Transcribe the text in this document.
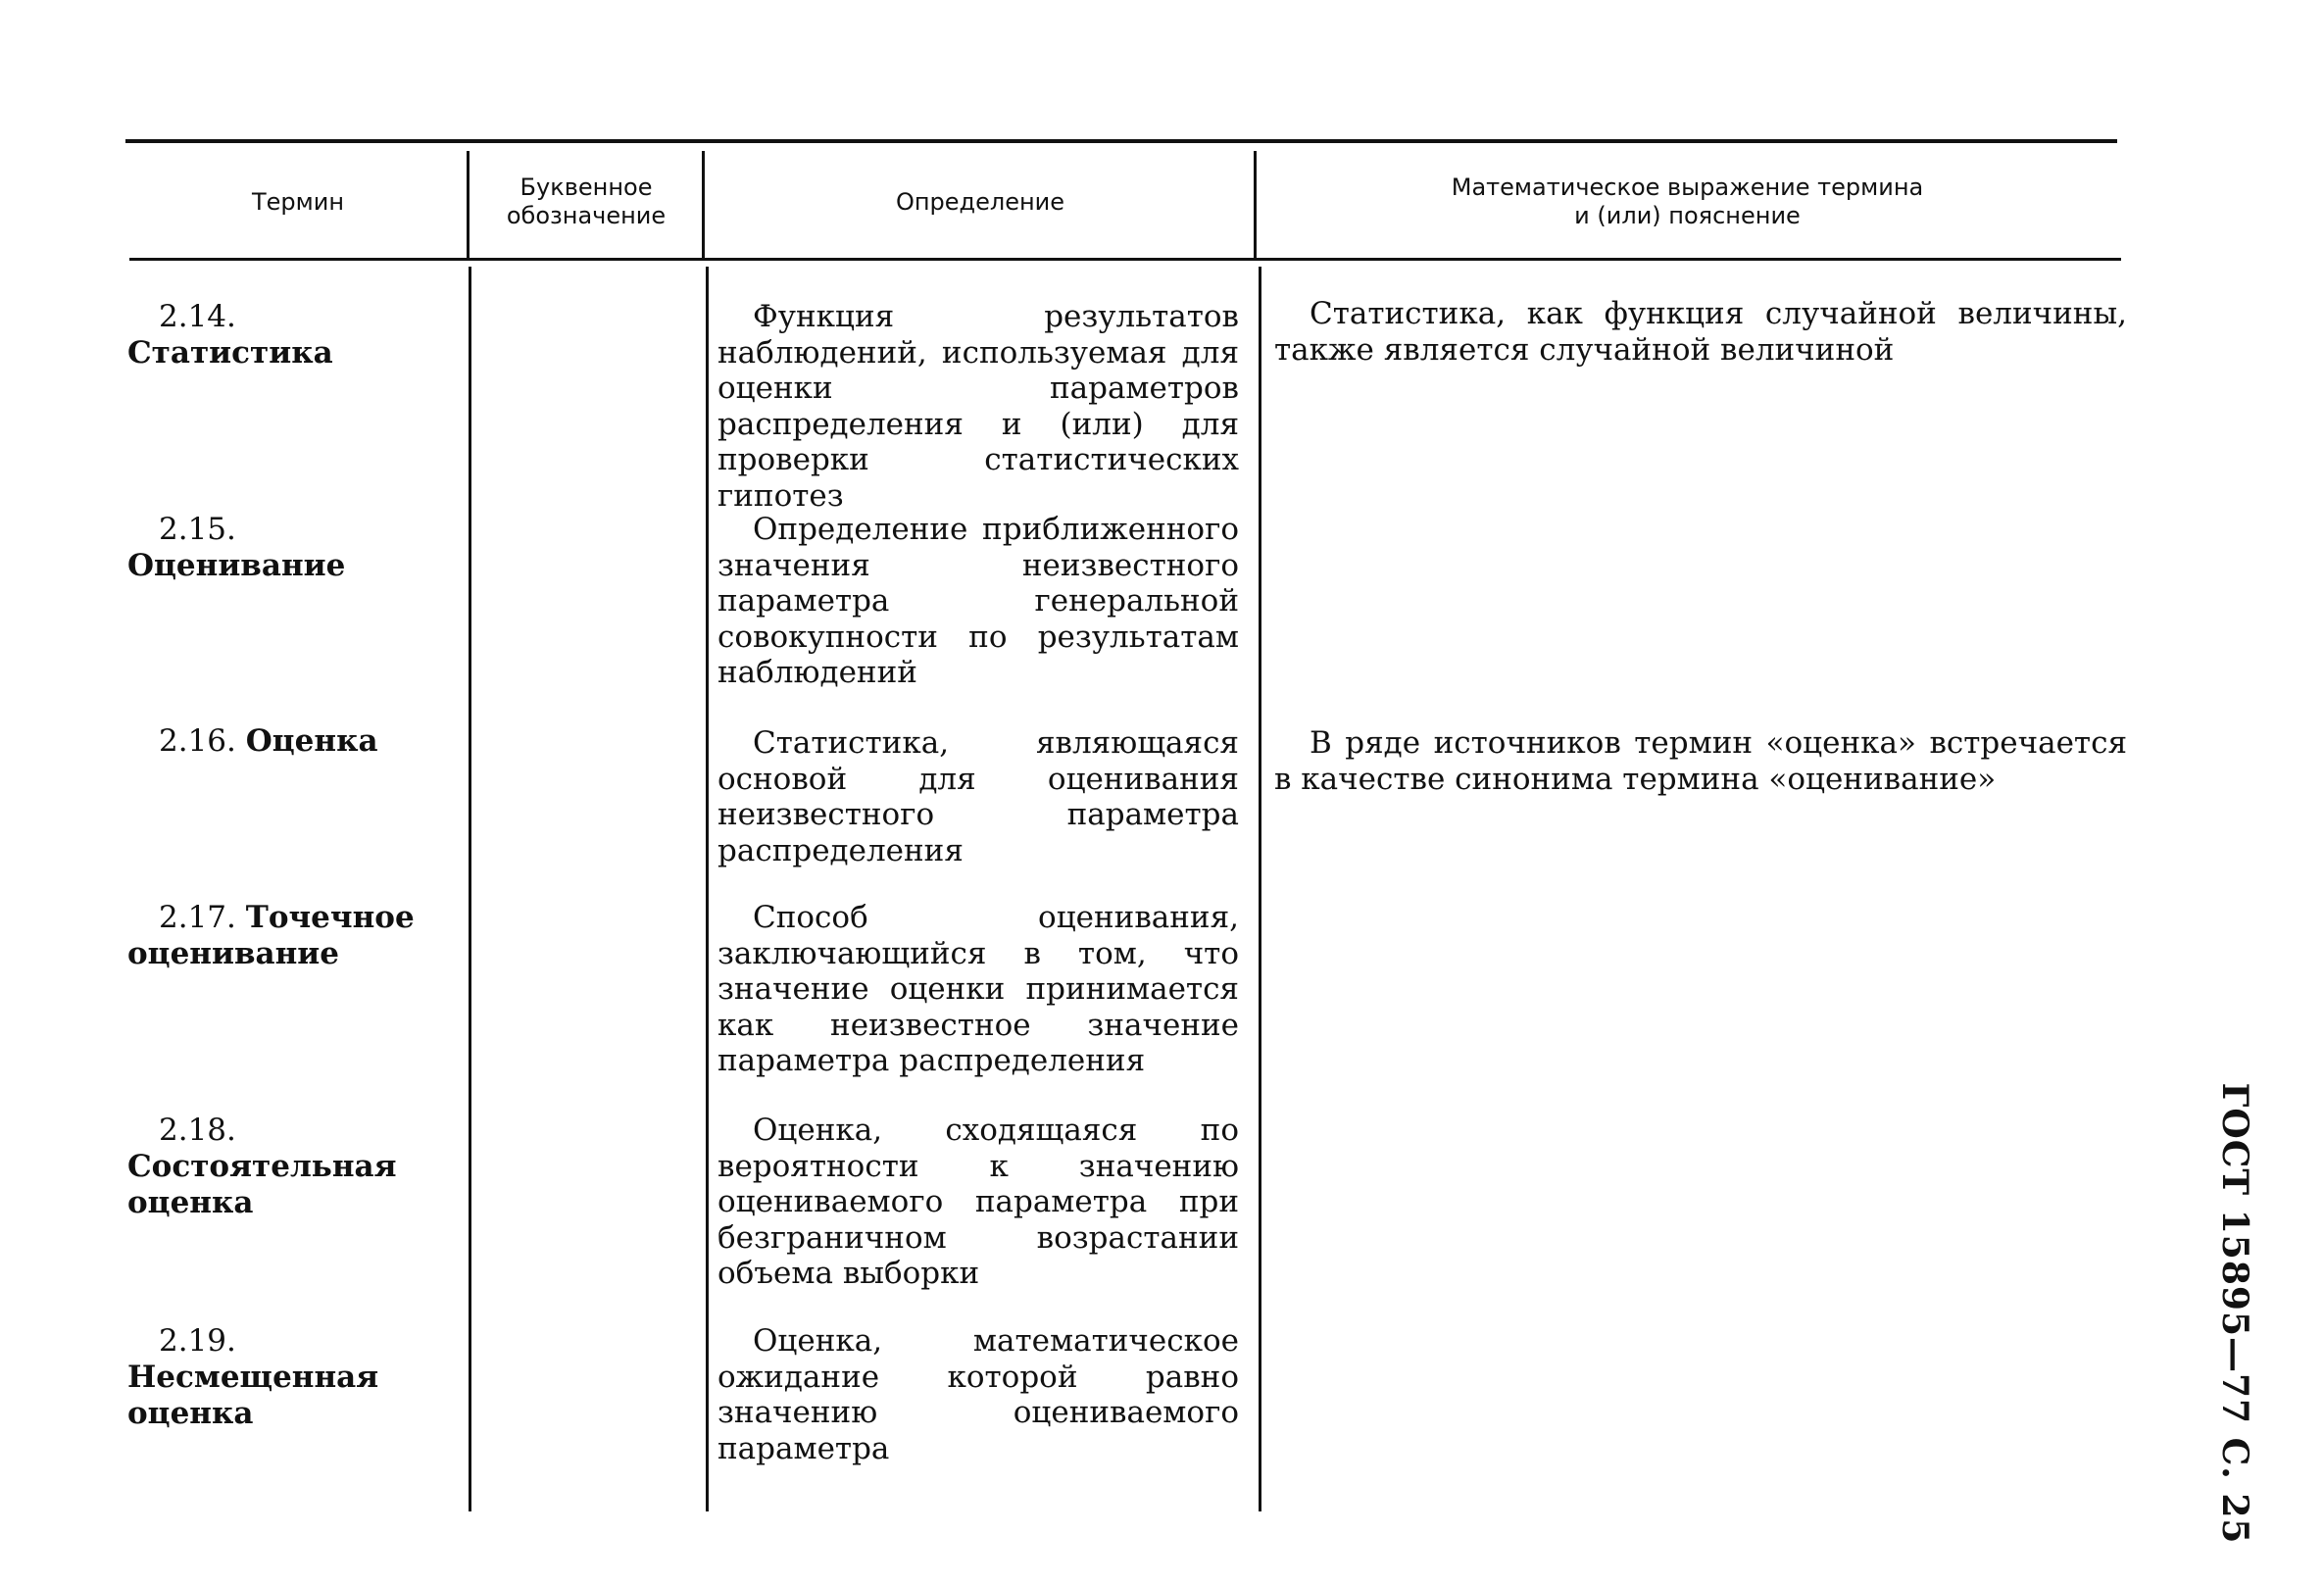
Термин
Буквенное
обозначение
Определение
Математическое выражение термина
и (или) пояснение
2.14. Статистика
Функция результатов наблюдений, используемая для оценки параметров распределения и (или) для проверки статистических гипотез
Статистика, как функция случайной величины, также является случайной величиной
2.15. Оценивание
Определение приближенного значения неизвестного параметра генеральной совокупности по результатам наблюдений
2.16. Оценка	Статистика, являющаяся основой для оценивания неизвестного параметра распределения
В ряде источников термин «оценка» встречается в качестве синонима термина «оценивание»
2.17. Точечное оценивание
Способ оценивания, заключающийся в том, что значение оценки принимается как неизвестное значение параметра распределения
2.18. Состоятельная оценка
Оценка, сходящаяся по вероятности к значению оцениваемого параметра при безграничном возрастании объема выборки
2.19. Несмещенная оценка
Оценка, математическое ожидание которой равно значению оцениваемого параметра	ГОСТ 15895—77 С. 25
